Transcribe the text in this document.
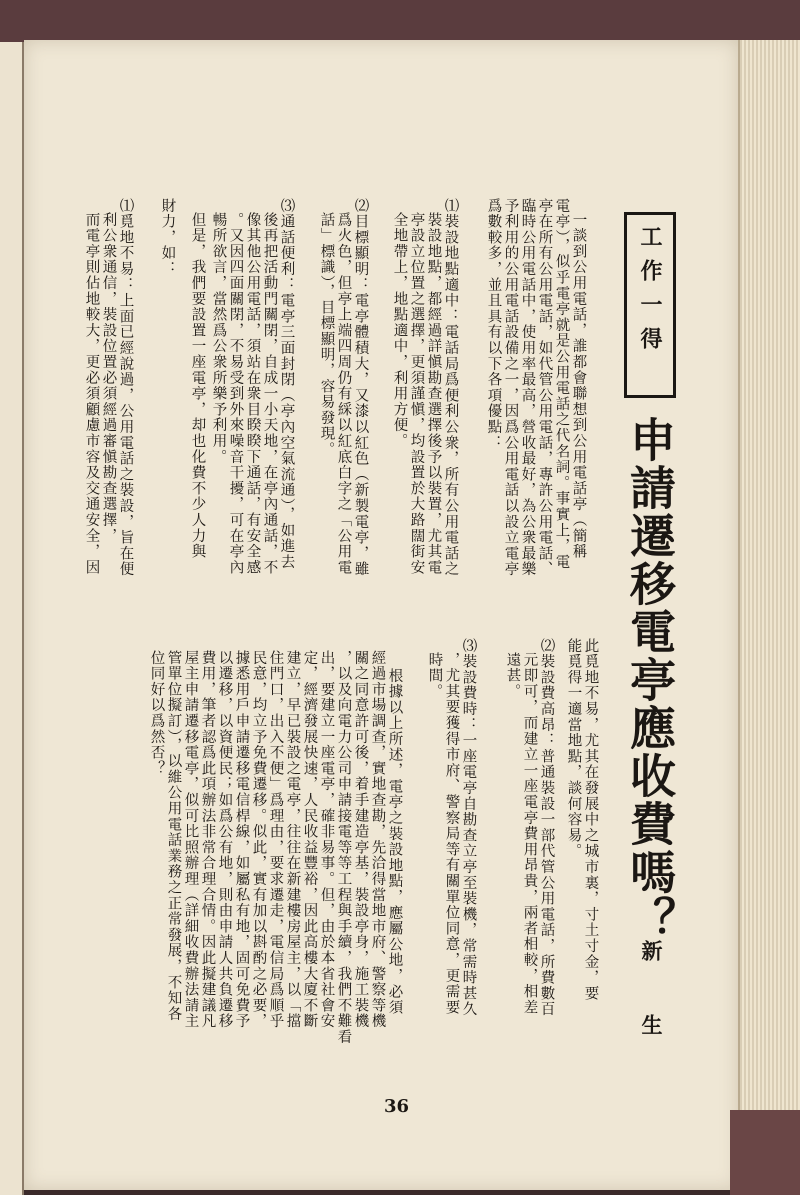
工作一得

申請遷移電亭應收費嗎？

新 生

一談到公用電話，誰都會聯想到公用電話亭（簡稱

電亭），似乎電亭就是公用電話之代名詞。事實上，電

亭在所有公用電話，如代管公用電話，專許公用電話、

臨時公用電話中，使用率最高，營收最好，為公衆最樂

予利用的公用電話設備之一，因爲公用電話以設立電亭

爲數較多，並且具有以下各項優點：

⑴裝設地點適中：電話局爲便利公衆，所有公用電話之

裝設地點，都經過詳愼勘查選擇後予以裝置，尤其電

亭設立位置之選擇，更須謹愼，均設置於大路闊街安

全地帶上，地點適中，利用方便。

⑵目標顯明：電亭體積大，又漆以紅色（新製電亭，雖

爲火色，但亭上端四周仍有綵以紅底白字之「公用電

話」標識），目標顯明，容易發現。

⑶通話便利：電亭三面封閉（亭內空氣流通），如進去

後再把活動門關閉，自成一小天地，在亭內通話，不

像其他公用電話，須站在衆目睽睽下通話，有安全感

。又因四面關閉，不易受到外來噪音干擾，可在亭內

暢所欲言，當然爲公衆所樂予利用。

但是，我們要設置一座電亭，却也化費不少人力與

財力，如：

⑴覓地不易：上面已經說過，公用電話之裝設，旨在便

利公衆通信，裝設位置必須經過審愼勘查選擇，

而電亭則佔地較大，更必須顧慮市容及交通安全，因

此覓地不易，尤其在發展中之城市裏，寸土寸金，要

能覓得一適當地點，談何容易。

⑵裝設費高昂：普通裝設一部代管公用電話，所費數百

元即可，而建立一座電亭費用昂貴，兩者相較，相差

遠甚。

⑶裝設費時：一座電亭自勘查立亭至裝機，常需時甚久

，尤其要獲得市府、警察局等有關單位同意，更需要

時間。

根據以上所述，電亭之裝設地點，應屬公地，必須

經過市場調查，實地查勘，先洽得當地市府、警察等機

關之同意許可後，着手建造亭基，裝設亭身，施工裝機

，以及向電力公司申請接電等等工程與手續，我們不難看

出，要建立一座電亭，確非易事。但，由於本省社會安

定，經濟發展快速，人民收益豐裕，因此高樓大廈不斷

建立，早已裝設之電亭，往往在新建樓房屋主，以「擋

住門口，出入不便」爲理由，要求遷走，電信局爲順乎

民意，均立予免費遷移。似此，實有加以斟酌之必要，

據悉用戶申請遷移電信桿線，如屬私有地，固可免費予

以遷移，以資便民；如爲公有地，則由申請人共負遷移

費用，筆者認爲此項辦法非常合理合情。因此擬建議凡

屋主申請遷移電亭，似可比照辦理（詳細收費辦法請主

管單位擬訂），以維公用電話業務之正常發展，不知各

位同好以爲然否？

36
